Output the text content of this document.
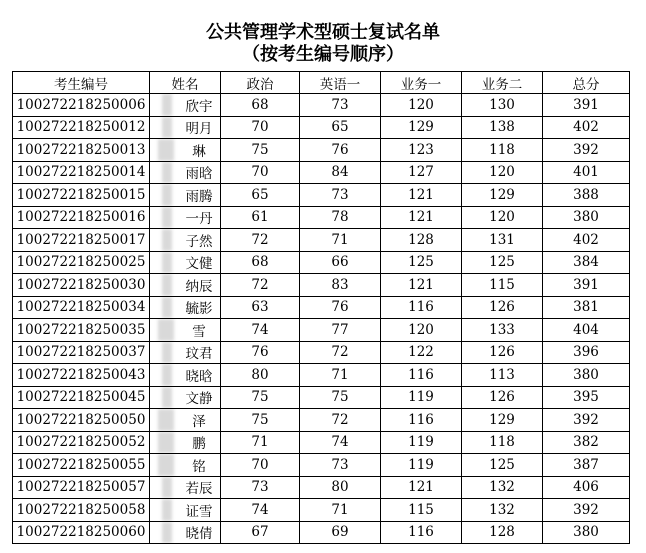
公共管理学术型硕士复试名单
（按考生编号顺序）
考生编号	姓名	政治	英语一	业务一	业务二	总分
100272218250006	欣宇	68	73	120	130	391
100272218250012	明月	70	65	129	138	402
100272218250013	琳	75	76	123	118	392
100272218250014	雨晗	70	84	127	120	401
100272218250015	雨腾	65	73	121	129	388
100272218250016	一丹	61	78	121	120	380
100272218250017	子然	72	71	128	131	402
100272218250025	文健	68	66	125	125	384
100272218250030	纳辰	72	83	121	115	391
100272218250034	毓影	63	76	116	126	381
100272218250035	雪	74	77	120	133	404
100272218250037	玟君	76	72	122	126	396
100272218250043	晓晗	80	71	116	113	380
100272218250045	文静	75	75	119	126	395
100272218250050	泽	75	72	116	129	392
100272218250052	鹏	71	74	119	118	382
100272218250055	铭	70	73	119	125	387
100272218250057	若辰	73	80	121	132	406
100272218250058	证雪	74	71	115	132	392
100272218250060	晓倩	67	69	116	128	380
